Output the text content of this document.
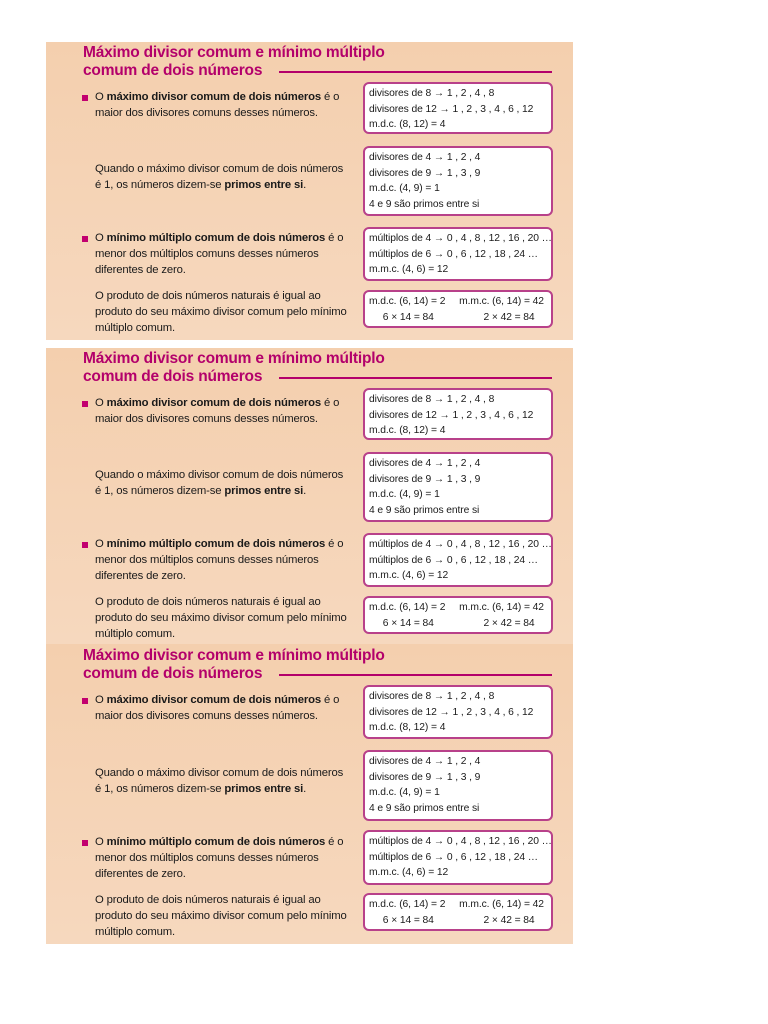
Máximo divisor comum e mínimo múltiplo
comum de dois números
O máximo divisor comum de dois números é o maior dos divisores comuns desses números.
divisores de 8 → 1 , 2 , 4 , 8
divisores de 12 → 1 , 2 , 3 , 4 , 6 , 12
m.d.c. (8, 12) = 4
Quando o máximo divisor comum de dois números é 1, os números dizem-se primos entre si.
divisores de 4 → 1 , 2 , 4
divisores de 9 → 1 , 3 , 9
m.d.c. (4, 9) = 1
4 e 9 são primos entre si
O mínimo múltiplo comum de dois números é o menor dos múltiplos comuns desses números diferentes de zero.
múltiplos de 4 → 0 , 4 , 8 , 12 , 16 , 20 …
múltiplos de 6 → 0 , 6 , 12 , 18 , 24 …
m.m.c. (4, 6) = 12
O produto de dois números naturais é igual ao produto do seu máximo divisor comum pelo mínimo múltiplo comum.
m.d.c. (6, 14) = 2     m.m.c. (6, 14) = 42
6 × 14 = 84                  2 × 42 = 84
Máximo divisor comum e mínimo múltiplo
comum de dois números
O máximo divisor comum de dois números é o maior dos divisores comuns desses números.
divisores de 8 → 1 , 2 , 4 , 8
divisores de 12 → 1 , 2 , 3 , 4 , 6 , 12
m.d.c. (8, 12) = 4
Quando o máximo divisor comum de dois números é 1, os números dizem-se primos entre si.
divisores de 4 → 1 , 2 , 4
divisores de 9 → 1 , 3 , 9
m.d.c. (4, 9) = 1
4 e 9 são primos entre si
O mínimo múltiplo comum de dois números é o menor dos múltiplos comuns desses números diferentes de zero.
múltiplos de 4 → 0 , 4 , 8 , 12 , 16 , 20 …
múltiplos de 6 → 0 , 6 , 12 , 18 , 24 …
m.m.c. (4, 6) = 12
O produto de dois números naturais é igual ao produto do seu máximo divisor comum pelo mínimo múltiplo comum.
m.d.c. (6, 14) = 2     m.m.c. (6, 14) = 42
6 × 14 = 84                  2 × 42 = 84
Máximo divisor comum e mínimo múltiplo
comum de dois números
O máximo divisor comum de dois números é o maior dos divisores comuns desses números.
divisores de 8 → 1 , 2 , 4 , 8
divisores de 12 → 1 , 2 , 3 , 4 , 6 , 12
m.d.c. (8, 12) = 4
Quando o máximo divisor comum de dois números é 1, os números dizem-se primos entre si.
divisores de 4 → 1 , 2 , 4
divisores de 9 → 1 , 3 , 9
m.d.c. (4, 9) = 1
4 e 9 são primos entre si
O mínimo múltiplo comum de dois números é o menor dos múltiplos comuns desses números diferentes de zero.
múltiplos de 4 → 0 , 4 , 8 , 12 , 16 , 20 …
múltiplos de 6 → 0 , 6 , 12 , 18 , 24 …
m.m.c. (4, 6) = 12
O produto de dois números naturais é igual ao produto do seu máximo divisor comum pelo mínimo múltiplo comum.
m.d.c. (6, 14) = 2     m.m.c. (6, 14) = 42
6 × 14 = 84                  2 × 42 = 84
